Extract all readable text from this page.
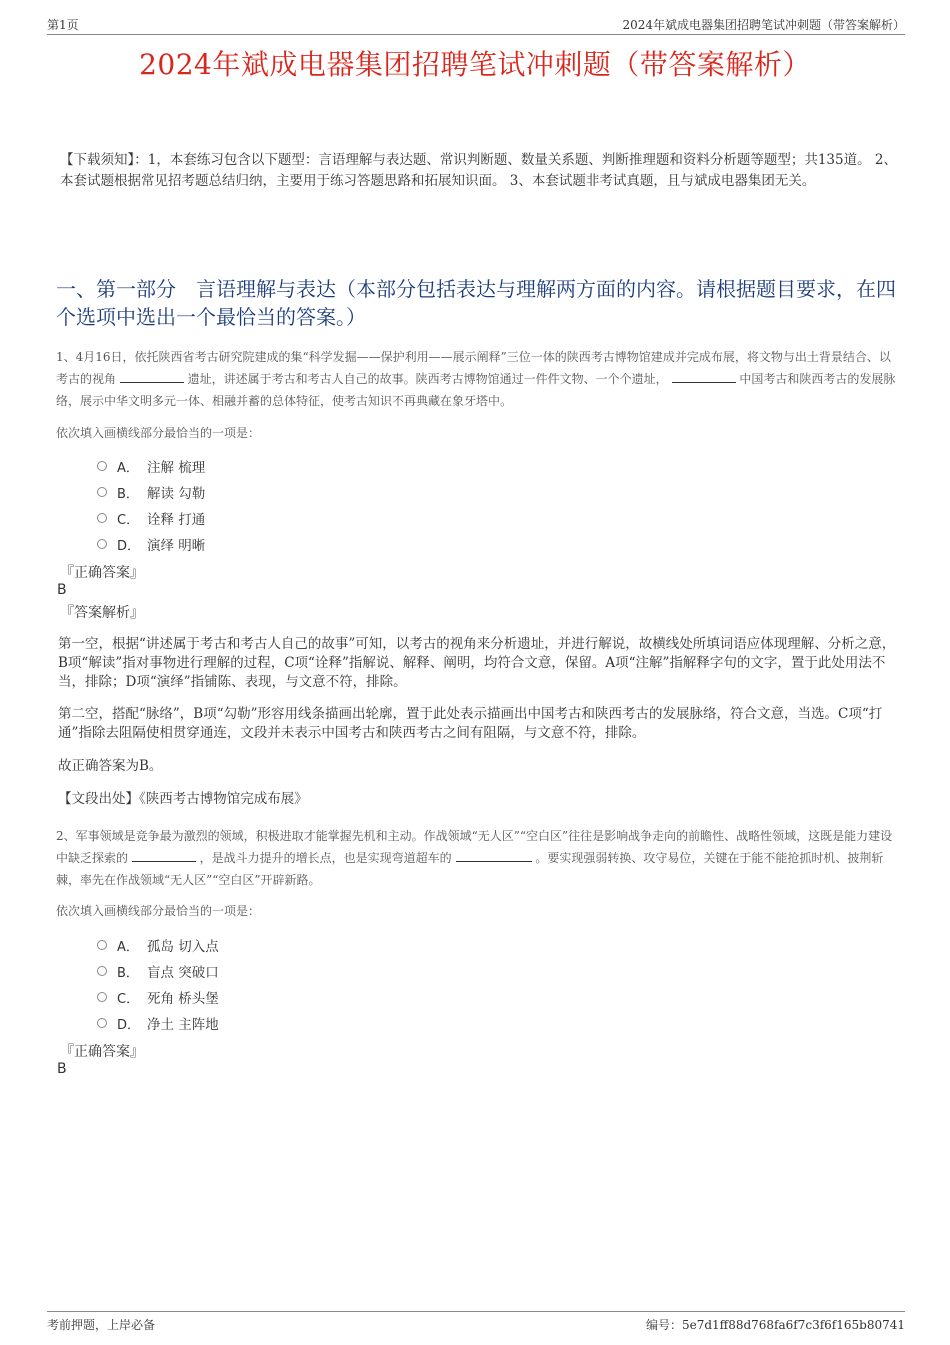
第1页	2024年斌成电器集团招聘笔试冲刺题（带答案解析）
2024年斌成电器集团招聘笔试冲刺题（带答案解析）
【下载须知】：1，本套练习包含以下题型：言语理解与表达题、常识判断题、数量关系题、判断推理题和资料分析题等题型；共135道。 2、本套试题根据常见招考题总结归纳，主要用于练习答题思路和拓展知识面。 3、本套试题非考试真题，且与斌成电器集团无关。
一、第一部分　言语理解与表达（本部分包括表达与理解两方面的内容。请根据题目要求，在四个选项中选出一个最恰当的答案。）
1、4月16日，依托陕西省考古研究院建成的集“科学发掘——保护利用——展示阐释”三位一体的陕西考古博物馆建成并完成布展，将文物与出土背景结合、以考古的视角	遗址，讲述属于考古和考古人自己的故事。陕西考古博物馆通过一件件文物、一个个遗址，	中国考古和陕西考古的发展脉络，展示中华文明多元一体、相融并蓄的总体特征，使考古知识不再典藏在象牙塔中。
依次填入画横线部分最恰当的一项是：
A． 注解 梳理
B． 解读 勾勒
C． 诠释 打通
D． 演绎 明晰
『正确答案』
B
『答案解析』
第一空，根据“讲述属于考古和考古人自己的故事”可知，以考古的视角来分析遗址，并进行解说，故横线处所填词语应体现理解、分析之意，B项“解读”指对事物进行理解的过程，C项“诠释”指解说、解释、阐明，均符合文意，保留。A项“注解”指解释字句的文字，置于此处用法不当，排除；D项“演绎”指铺陈、表现，与文意不符，排除。
第二空，搭配“脉络”，B项“勾勒”形容用线条描画出轮廓，置于此处表示描画出中国考古和陕西考古的发展脉络，符合文意，当选。C项“打通”指除去阻隔使相贯穿通连，文段并未表示中国考古和陕西考古之间有阻隔，与文意不符，排除。
故正确答案为B。
【文段出处】《陕西考古博物馆完成布展》
2、军事领域是竞争最为激烈的领域，积极进取才能掌握先机和主动。作战领域“无人区”“空白区”往往是影响战争走向的前瞻性、战略性领域，这既是能力建设中缺乏探索的	，是战斗力提升的增长点，也是实现弯道超车的	。要实现强弱转换、攻守易位，关键在于能不能抢抓时机、披荆斩棘，率先在作战领域“无人区”“空白区”开辟新路。
依次填入画横线部分最恰当的一项是：
A． 孤岛 切入点
B． 盲点 突破口
C． 死角 桥头堡
D． 净土 主阵地
『正确答案』
B
考前押题，上岸必备	编号：5e7d1ff88d768fa6f7c3f6f165b80741
